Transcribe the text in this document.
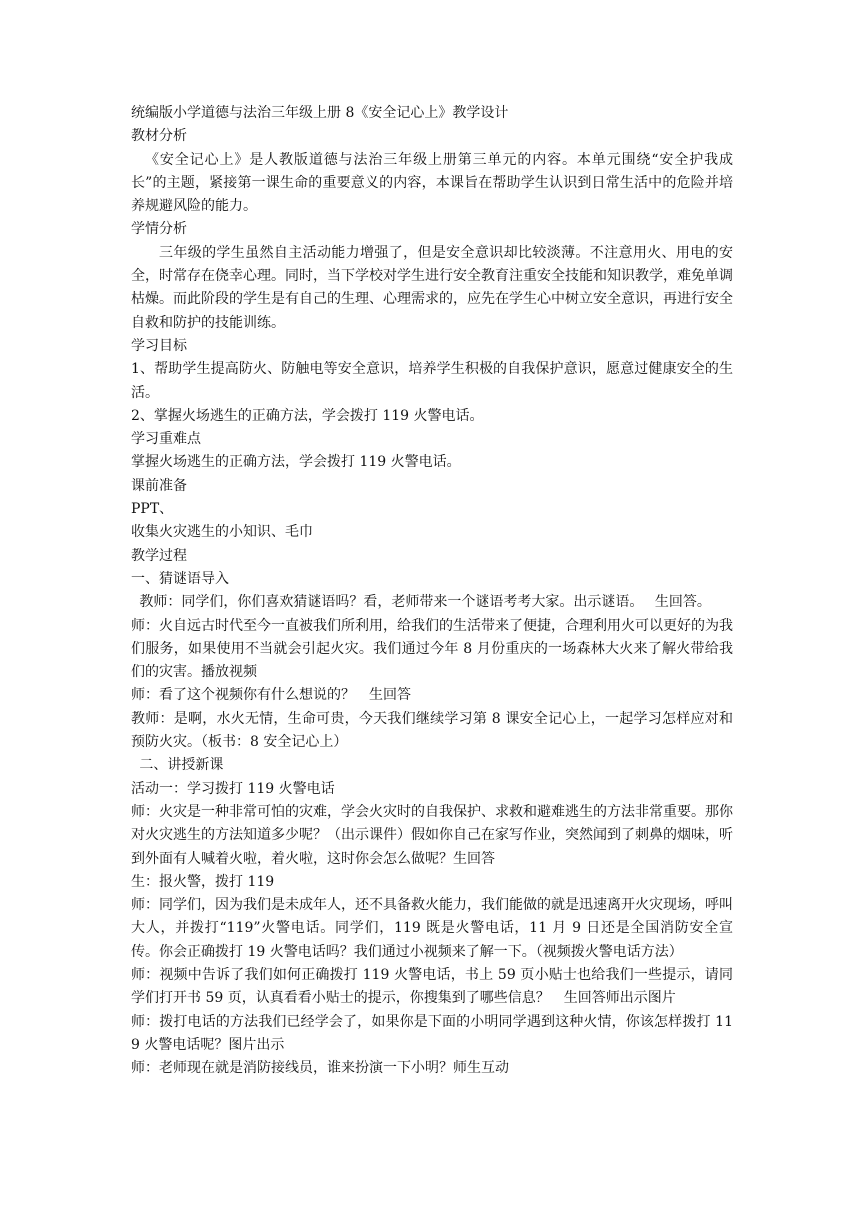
统编版小学道德与法治三年级上册 8《安全记心上》教学设计

教材分析

《安全记心上》是人教版道德与法治三年级上册第三单元的内容。本单元围绕“安全护我成长”的主题，紧接第一课生命的重要意义的内容，本课旨在帮助学生认识到日常生活中的危险并培养规避风险的能力。

学情分析

三年级的学生虽然自主活动能力增强了，但是安全意识却比较淡薄。不注意用火、用电的安全，时常存在侥幸心理。同时，当下学校对学生进行安全教育注重安全技能和知识教学，难免单调枯燥。而此阶段的学生是有自己的生理、心理需求的，应先在学生心中树立安全意识，再进行安全自救和防护的技能训练。

学习目标

1、帮助学生提高防火、防触电等安全意识，培养学生积极的自我保护意识，愿意过健康安全的生活。

2、掌握火场逃生的正确方法，学会拨打 119 火警电话。

学习重难点

掌握火场逃生的正确方法，学会拨打 119 火警电话。

课前准备

PPT、

收集火灾逃生的小知识、毛巾

教学过程

一、猜谜语导入

教师：同学们，你们喜欢猜谜语吗？看，老师带来一个谜语考考大家。出示谜语。　 生回答。

师：火自远古时代至今一直被我们所利用，给我们的生活带来了便捷，合理利用火可以更好的为我们服务，如果使用不当就会引起火灾。我们通过今年 8 月份重庆的一场森林大火来了解火带给我们的灾害。播放视频

师：看了这个视频你有什么想说的？　生回答

教师：是啊，水火无情，生命可贵，今天我们继续学习第 8 课安全记心上，一起学习怎样应对和预防火灾。（板书：8 安全记心上）

二、讲授新课

活动一：学习拨打 119 火警电话

师：火灾是一种非常可怕的灾难，学会火灾时的自我保护、求救和避难逃生的方法非常重要。那你对火灾逃生的方法知道多少呢？（出示课件）假如你自己在家写作业，突然闻到了刺鼻的烟味，听到外面有人喊着火啦，着火啦，这时你会怎么做呢？生回答

生：报火警，拨打 119

师：同学们，因为我们是未成年人，还不具备救火能力，我们能做的就是迅速离开火灾现场，呼叫大人，并拨打“119”火警电话。同学们，119 既是火警电话，11 月 9 日还是全国消防安全宣传。你会正确拨打 19 火警电话吗？我们通过小视频来了解一下。（视频拨火警电话方法）

师：视频中告诉了我们如何正确拨打 119 火警电话，书上 59 页小贴士也给我们一些提示，请同学们打开书 59 页，认真看看小贴士的提示，你搜集到了哪些信息？　生回答师出示图片

师：拨打电话的方法我们已经学会了，如果你是下面的小明同学遇到这种火情，你该怎样拨打 119 火警电话呢？图片出示

师：老师现在就是消防接线员，谁来扮演一下小明？师生互动
